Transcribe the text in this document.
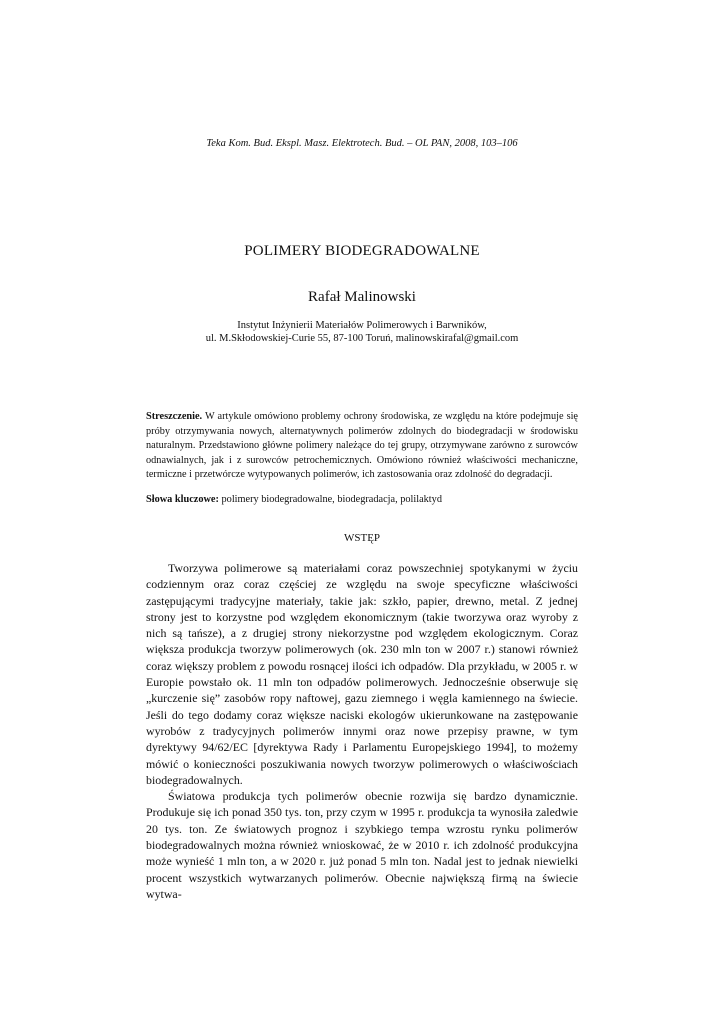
Teka Kom. Bud. Ekspl. Masz. Elektrotech. Bud. – OL PAN, 2008, 103–106
POLIMERY BIODEGRADOWALNE
Rafał Malinowski
Instytut Inżynierii Materiałów Polimerowych i Barwników,
ul. M.Skłodowskiej-Curie 55, 87-100 Toruń, malinowskirafal@gmail.com
Streszczenie. W artykule omówiono problemy ochrony środowiska, ze względu na które podejmuje się próby otrzymywania nowych, alternatywnych polimerów zdolnych do biodegradacji w środowisku naturalnym. Przedstawiono główne polimery należące do tej grupy, otrzymywane zarówno z surowców odnawialnych, jak i z surowców petrochemicznych. Omówiono również właściwości mechaniczne, termiczne i przetwórcze wytypowanych polimerów, ich zastosowania oraz zdolność do degradacji.
Słowa kluczowe: polimery biodegradowalne, biodegradacja, polilaktyd
WSTĘP

Tworzywa polimerowe są materiałami coraz powszechniej spotykanymi w życiu codziennym oraz coraz częściej ze względu na swoje specyficzne właściwości zastępującymi tradycyjne materiały, takie jak: szkło, papier, drewno, metal. Z jednej strony jest to korzystne pod względem ekonomicznym (takie tworzywa oraz wyroby z nich są tańsze), a z drugiej strony niekorzystne pod względem ekologicznym. Coraz większa produkcja tworzyw polimerowych (ok. 230 mln ton w 2007 r.) stanowi również coraz większy problem z powodu rosnącej ilości ich odpadów. Dla przykładu, w 2005 r. w Europie powstało ok. 11 mln ton odpadów polimerowych. Jednocześnie obserwuje się „kurczenie się” zasobów ropy naftowej, gazu ziemnego i węgla kamiennego na świecie. Jeśli do tego dodamy coraz większe naciski ekologów ukierunkowane na zastępowanie wyrobów z tradycyjnych polimerów innymi oraz nowe przepisy prawne, w tym dyrektywy 94/62/EC [dyrektywa Rady i Parlamentu Europejskiego 1994], to możemy mówić o konieczności poszukiwania nowych tworzyw polimerowych o właściwościach biodegradowalnych.

Światowa produkcja tych polimerów obecnie rozwija się bardzo dynamicznie. Produkuje się ich ponad 350 tys. ton, przy czym w 1995 r. produkcja ta wynosiła zaledwie 20 tys. ton. Ze światowych prognoz i szybkiego tempa wzrostu rynku polimerów biodegradowalnych można również wnioskować, że w 2010 r. ich zdolność produkcyjna może wynieść 1 mln ton, a w 2020 r. już ponad 5 mln ton. Nadal jest to jednak niewielki procent wszystkich wytwarzanych polimerów. Obecnie największą firmą na świecie wytwa-
